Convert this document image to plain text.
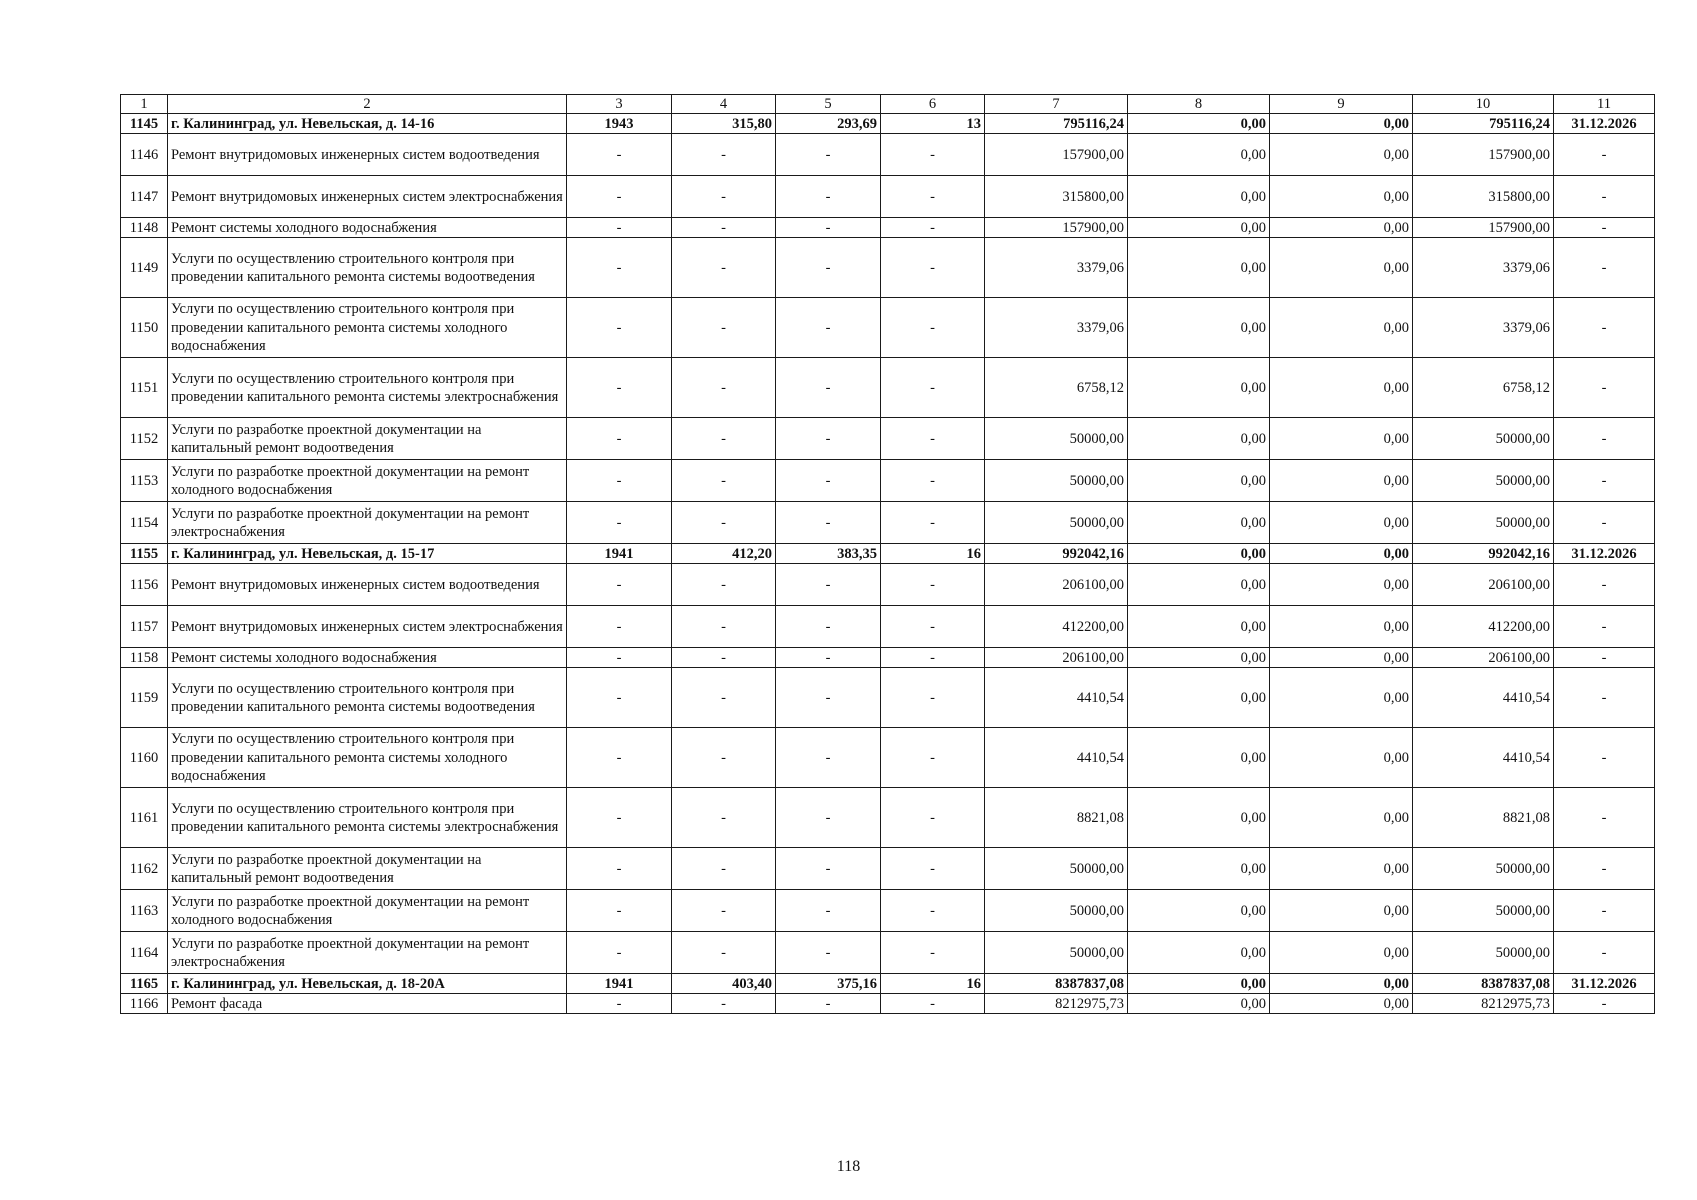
1	2	3	4	5	6	7	8	9	10	11
1145	г. Калининград, ул. Невельская, д. 14-16	1943	315,80	293,69	13	795116,24	0,00	0,00	795116,24	31.12.2026
1146	Ремонт внутридомовых инженерных систем водоотведения	-	-	-	-	157900,00	0,00	0,00	157900,00	-
1147	Ремонт внутридомовых инженерных систем электроснабжения	-	-	-	-	315800,00	0,00	0,00	315800,00	-
1148	Ремонт системы холодного водоснабжения	-	-	-	-	157900,00	0,00	0,00	157900,00	-
1149	Услуги по осуществлению строительного контроля при проведении капитального ремонта системы водоотведения	-	-	-	-	3379,06	0,00	0,00	3379,06	-
1150	Услуги по осуществлению строительного контроля при проведении капитального ремонта системы холодного водоснабжения	-	-	-	-	3379,06	0,00	0,00	3379,06	-
1151	Услуги по осуществлению строительного контроля при проведении капитального ремонта системы электроснабжения	-	-	-	-	6758,12	0,00	0,00	6758,12	-
1152	Услуги по разработке проектной документации на капитальный ремонт водоотведения	-	-	-	-	50000,00	0,00	0,00	50000,00	-
1153	Услуги по разработке проектной документации на ремонт холодного водоснабжения	-	-	-	-	50000,00	0,00	0,00	50000,00	-
1154	Услуги по разработке проектной документации на ремонт электроснабжения	-	-	-	-	50000,00	0,00	0,00	50000,00	-
1155	г. Калининград, ул. Невельская, д. 15-17	1941	412,20	383,35	16	992042,16	0,00	0,00	992042,16	31.12.2026
1156	Ремонт внутридомовых инженерных систем водоотведения	-	-	-	-	206100,00	0,00	0,00	206100,00	-
1157	Ремонт внутридомовых инженерных систем электроснабжения	-	-	-	-	412200,00	0,00	0,00	412200,00	-
1158	Ремонт системы холодного водоснабжения	-	-	-	-	206100,00	0,00	0,00	206100,00	-
1159	Услуги по осуществлению строительного контроля при проведении капитального ремонта системы водоотведения	-	-	-	-	4410,54	0,00	0,00	4410,54	-
1160	Услуги по осуществлению строительного контроля при проведении капитального ремонта системы холодного водоснабжения	-	-	-	-	4410,54	0,00	0,00	4410,54	-
1161	Услуги по осуществлению строительного контроля при проведении капитального ремонта системы электроснабжения	-	-	-	-	8821,08	0,00	0,00	8821,08	-
1162	Услуги по разработке проектной документации на капитальный ремонт водоотведения	-	-	-	-	50000,00	0,00	0,00	50000,00	-
1163	Услуги по разработке проектной документации на ремонт холодного водоснабжения	-	-	-	-	50000,00	0,00	0,00	50000,00	-
1164	Услуги по разработке проектной документации на ремонт электроснабжения	-	-	-	-	50000,00	0,00	0,00	50000,00	-
1165	г. Калининград, ул. Невельская, д. 18-20А	1941	403,40	375,16	16	8387837,08	0,00	0,00	8387837,08	31.12.2026
1166	Ремонт фасада	-	-	-	-	8212975,73	0,00	0,00	8212975,73	-
118
